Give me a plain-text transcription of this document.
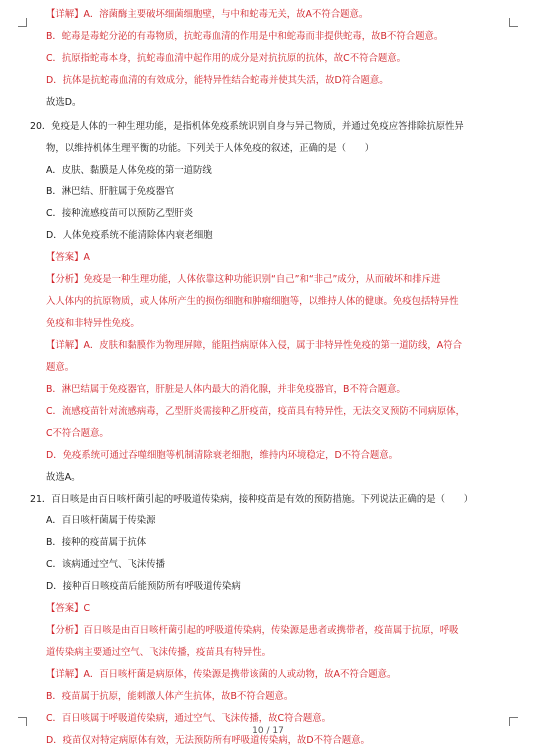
【详解】A．溶菌酶主要破坏细菌细胞壁，与中和蛇毒无关，故A不符合题意。
B．蛇毒是毒蛇分泌的有毒物质，抗蛇毒血清的作用是中和蛇毒而非提供蛇毒，故B不符合题意。
C．抗原指蛇毒本身，抗蛇毒血清中起作用的成分是对抗抗原的抗体，故C不符合题意。
D．抗体是抗蛇毒血清的有效成分，能特异性结合蛇毒并使其失活，故D符合题意。
故选D。
20．免疫是人体的一种生理功能，是指机体免疫系统识别自身与异己物质，并通过免疫应答排除抗原性异
物，以维持机体生理平衡的功能。下列关于人体免疫的叙述，正确的是（　　）
A．皮肤、黏膜是人体免疫的第一道防线
B．淋巴结、肝脏属于免疫器官
C．接种流感疫苗可以预防乙型肝炎
D．人体免疫系统不能清除体内衰老细胞
【答案】A
【分析】免疫是一种生理功能，人体依靠这种功能识别“自己”和“非己”成分，从而破坏和排斥进
入人体内的抗原物质，或人体所产生的损伤细胞和肿瘤细胞等，以维持人体的健康。免疫包括特异性
免疫和非特异性免疫。
【详解】A．皮肤和黏膜作为物理屏障，能阻挡病原体入侵，属于非特异性免疫的第一道防线，A符合
题意。
B．淋巴结属于免疫器官，肝脏是人体内最大的消化腺，并非免疫器官，B不符合题意。
C．流感疫苗针对流感病毒，乙型肝炎需接种乙肝疫苗，疫苗具有特异性，无法交叉预防不同病原体，
C不符合题意。
D．免疫系统可通过吞噬细胞等机制清除衰老细胞，维持内环境稳定，D不符合题意。
故选A。
21．百日咳是由百日咳杆菌引起的呼吸道传染病，接种疫苗是有效的预防措施。下列说法正确的是（　　）
A．百日咳杆菌属于传染源
B．接种的疫苗属于抗体
C．该病通过空气、飞沫传播
D．接种百日咳疫苗后能预防所有呼吸道传染病
【答案】C
【分析】百日咳是由百日咳杆菌引起的呼吸道传染病，传染源是患者或携带者，疫苗属于抗原，呼吸
道传染病主要通过空气、飞沫传播，疫苗具有特异性。
【详解】A．百日咳杆菌是病原体，传染源是携带该菌的人或动物，故A不符合题意。
B．疫苗属于抗原，能刺激人体产生抗体，故B不符合题意。
C．百日咳属于呼吸道传染病，通过空气、飞沫传播，故C符合题意。
D．疫苗仅对特定病原体有效，无法预防所有呼吸道传染病，故D不符合题意。
10 / 17
